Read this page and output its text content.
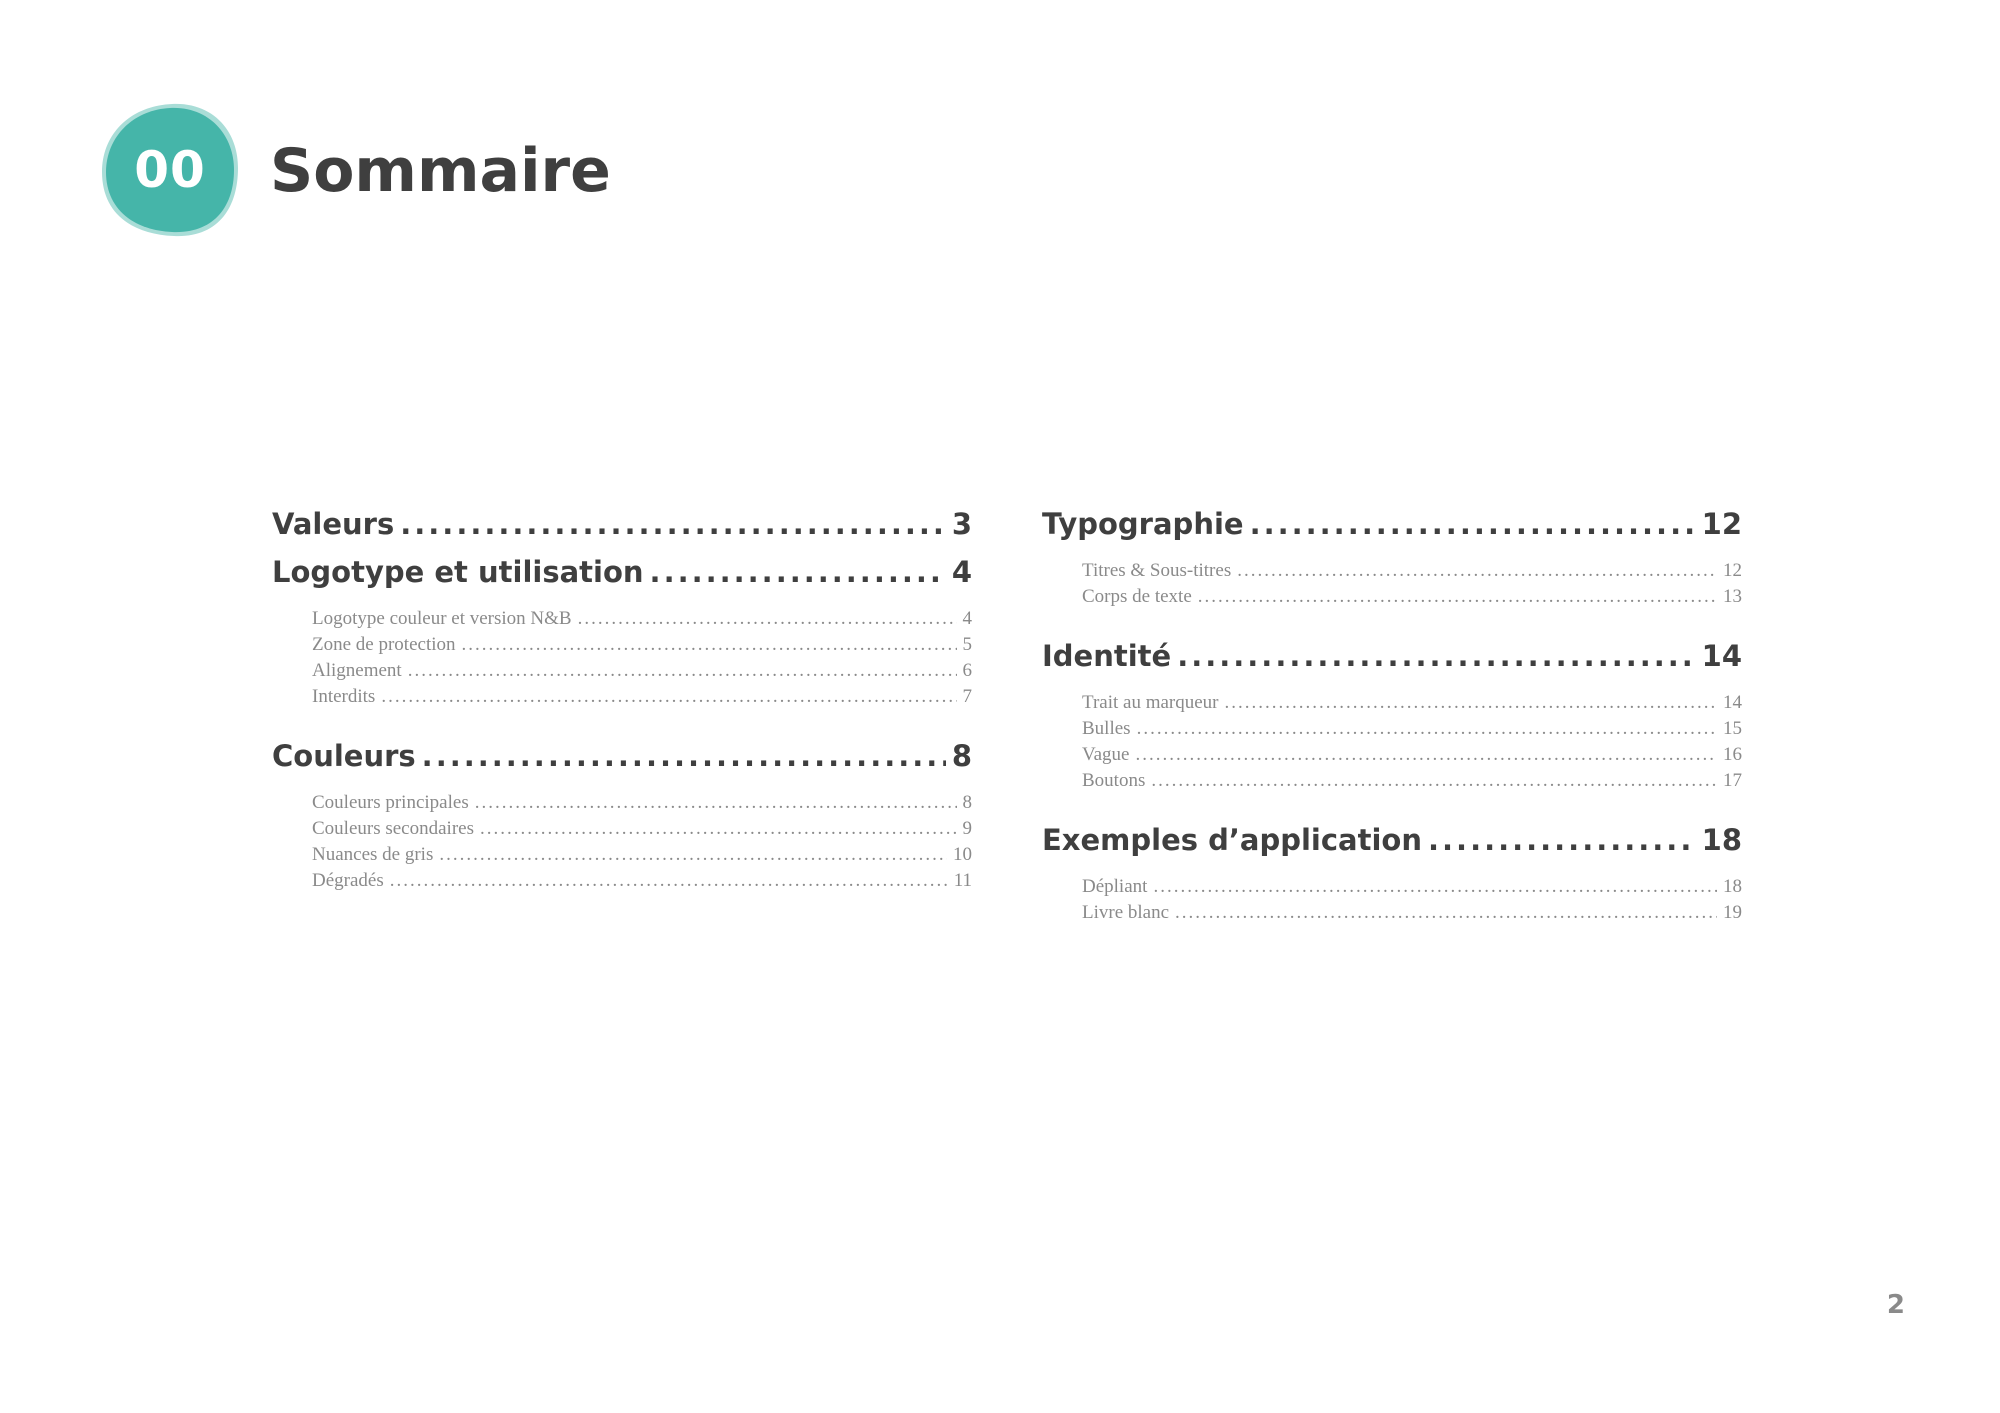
00	Sommaire
Valeurs .....	3
Logotype et utilisation .....	4
Logotype couleur et version N&B .....	4
Zone de protection .....	5
Alignement .....	6
Interdits .....	7
Couleurs .....	8
Couleurs principales .....	8
Couleurs secondaires .....	9
Nuances de gris .....	10
Dégradés .....	11
Typographie .....	12
Titres & Sous-titres .....	12
Corps de texte .....	13
Identité .....	14
Trait au marqueur .....	14
Bulles .....	15
Vague .....	16
Boutons .....	17
Exemples d’application .....	18
Dépliant .....	18
Livre blanc .....	19
2
